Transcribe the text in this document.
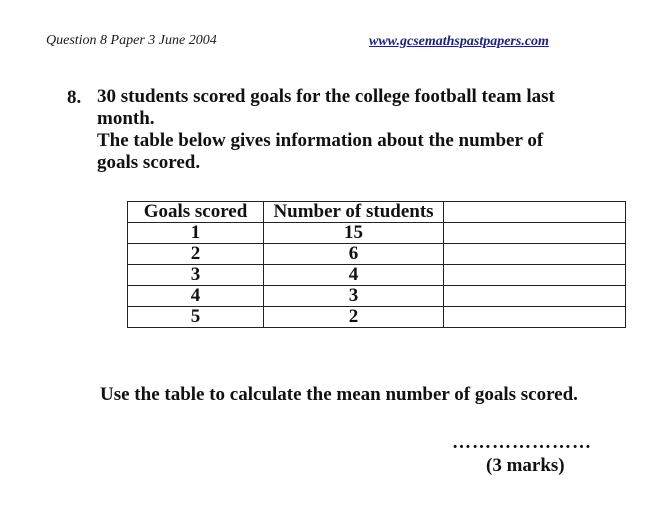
Question 8 Paper 3 June 2004	www.gcsemathspastpapers.com
8. 30 students scored goals for the college football team last

month.

The table below gives information about the number of

goals scored.

Goals scored	Number of students	
1	15	
2	6	
3	4	
4	3	
5	2	
Use the table to calculate the mean number of goals scored.
…………………
(3 marks)
